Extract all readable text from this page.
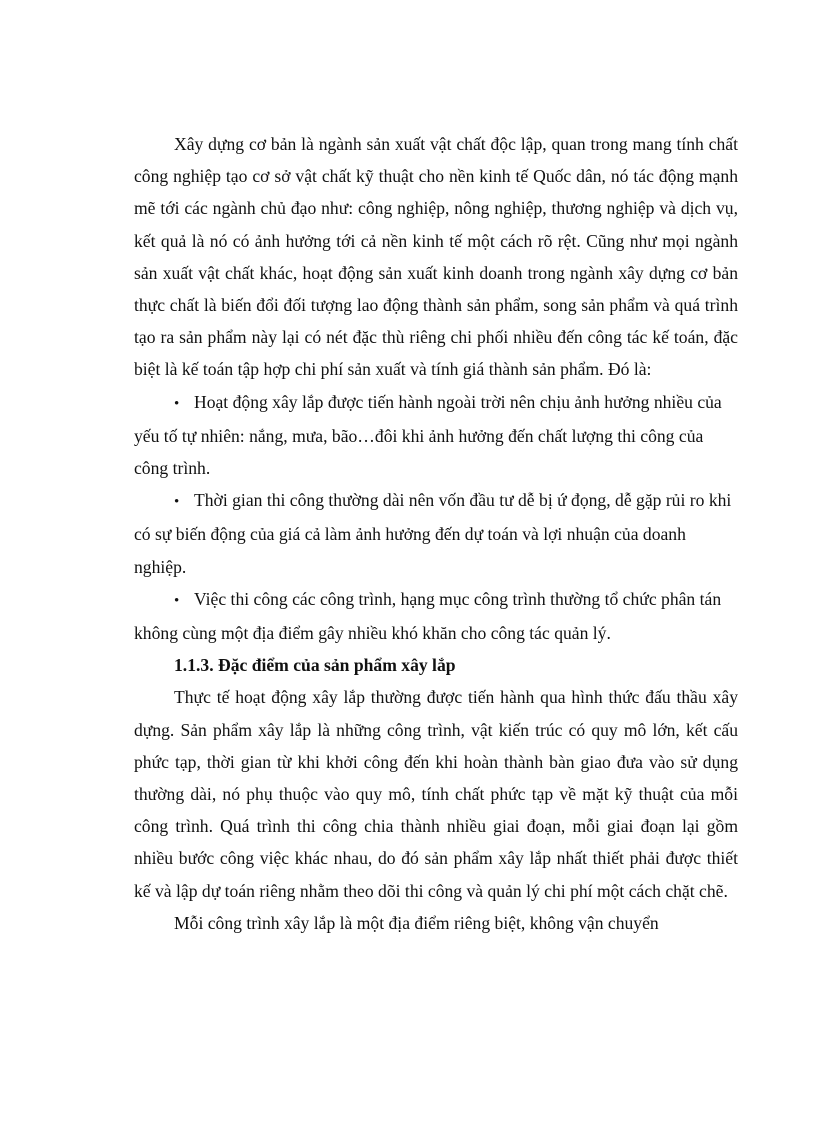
Xây dựng cơ bản là ngành sản xuất vật chất độc lập, quan trong mang tính chất công nghiệp tạo cơ sở vật chất kỹ thuật cho nền kinh tế Quốc dân, nó tác động mạnh mẽ tới các ngành chủ đạo như: công nghiệp, nông nghiệp, thương nghiệp và dịch vụ, kết quả là nó có ảnh hưởng tới cả nền kinh tế một cách rõ rệt. Cũng như mọi ngành sản xuất vật chất khác, hoạt động sản xuất kinh doanh trong ngành xây dựng cơ bản thực chất là biến đổi đối tượng lao động thành sản phẩm, song sản phẩm và quá trình tạo ra sản phẩm này lại có nét đặc thù riêng chi phối nhiều đến công tác kế toán, đặc biệt là kế toán tập hợp chi phí sản xuất và tính giá thành sản phẩm. Đó là:

• Hoạt động xây lắp được tiến hành ngoài trời nên chịu ảnh hưởng nhiều của yếu tố tự nhiên: nắng, mưa, bão…đôi khi ảnh hưởng đến chất lượng thi công của công trình.

• Thời gian thi công thường dài nên vốn đầu tư dễ bị ứ đọng, dễ gặp rủi ro khi có sự biến động của giá cả làm ảnh hưởng đến dự toán và lợi nhuận của doanh nghiệp.

• Việc thi công các công trình, hạng mục công trình thường tổ chức phân tán không cùng một địa điểm gây nhiều khó khăn cho công tác quản lý.

1.1.3. Đặc điểm của sản phẩm xây lắp

Thực tế hoạt động xây lắp thường được tiến hành qua hình thức đấu thầu xây dựng. Sản phẩm xây lắp là những công trình, vật kiến trúc có quy mô lớn, kết cấu phức tạp, thời gian từ khi khởi công đến khi hoàn thành bàn giao đưa vào sử dụng thường dài, nó phụ thuộc vào quy mô, tính chất phức tạp về mặt kỹ thuật của mỗi công trình. Quá trình thi công chia thành nhiều giai đoạn, mỗi giai đoạn lại gồm nhiều bước công việc khác nhau, do đó sản phẩm xây lắp nhất thiết phải được thiết kế và lập dự toán riêng nhằm theo dõi thi công và quản lý chi phí một cách chặt chẽ.

Mỗi công trình xây lắp là một địa điểm riêng biệt, không vận chuyển
